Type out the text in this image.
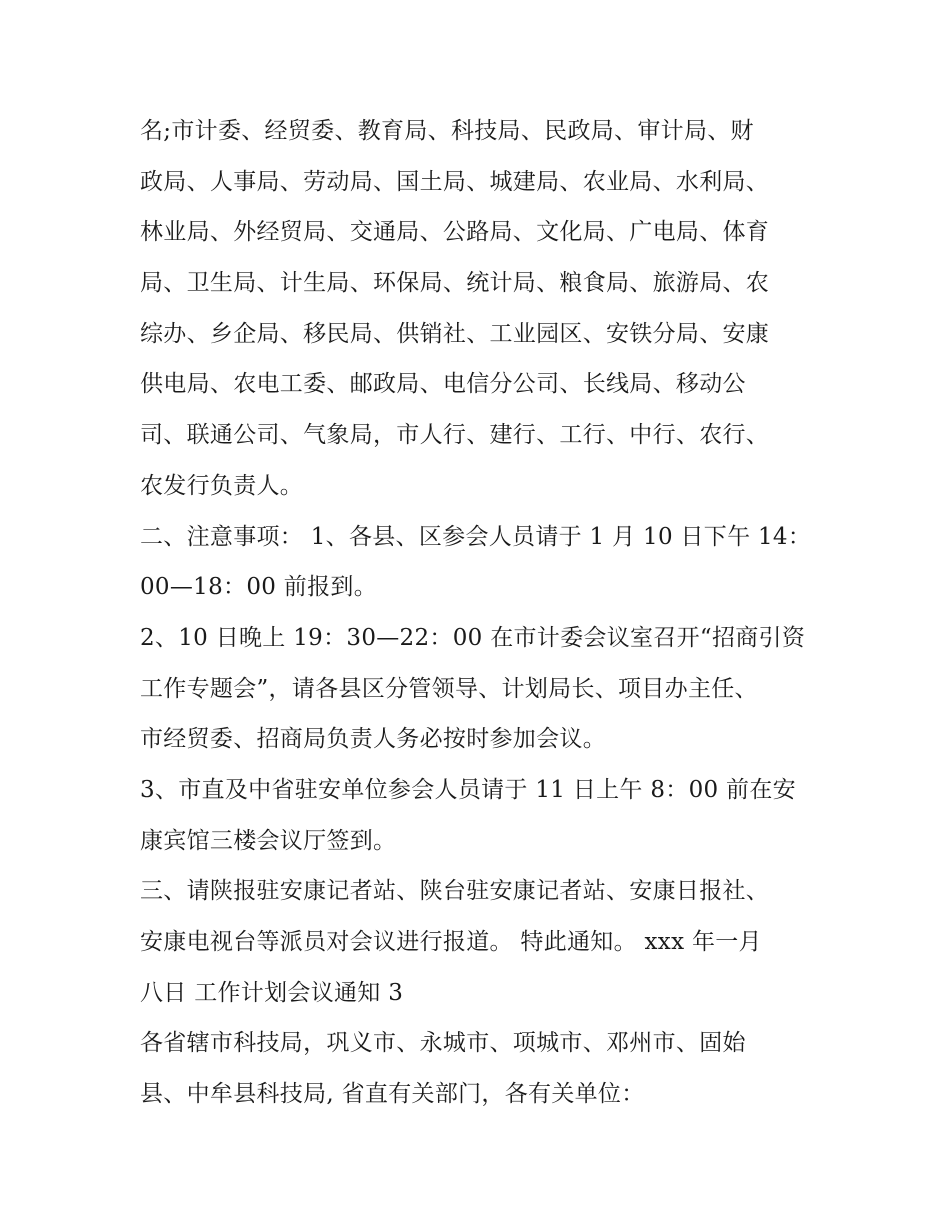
名;市计委、经贸委、教育局、科技局、民政局、审计局、财
政局、人事局、劳动局、国土局、城建局、农业局、水利局、
林业局、外经贸局、交通局、公路局、文化局、广电局、体育
局、卫生局、计生局、环保局、统计局、粮食局、旅游局、农
综办、乡企局、移民局、供销社、工业园区、安铁分局、安康
供电局、农电工委、邮政局、电信分公司、长线局、移动公
司、联通公司、气象局，市人行、建行、工行、中行、农行、
农发行负责人。
二、注意事项： 1、各县、区参会人员请于 1 月 10 日下午 14：
00—18：00 前报到。
2、10 日晚上 19：30—22：00 在市计委会议室召开“招商引资
工作专题会”，请各县区分管领导、计划局长、项目办主任、
市经贸委、招商局负责人务必按时参加会议。
3、市直及中省驻安单位参会人员请于 11 日上午 8：00 前在安
康宾馆三楼会议厅签到。
三、请陕报驻安康记者站、陕台驻安康记者站、安康日报社、
安康电视台等派员对会议进行报道。 特此通知。 xxx 年一月
八日 工作计划会议通知 3
各省辖市科技局，巩义市、永城市、项城市、邓州市、固始
县、中牟县科技局, 省直有关部门，各有关单位：
